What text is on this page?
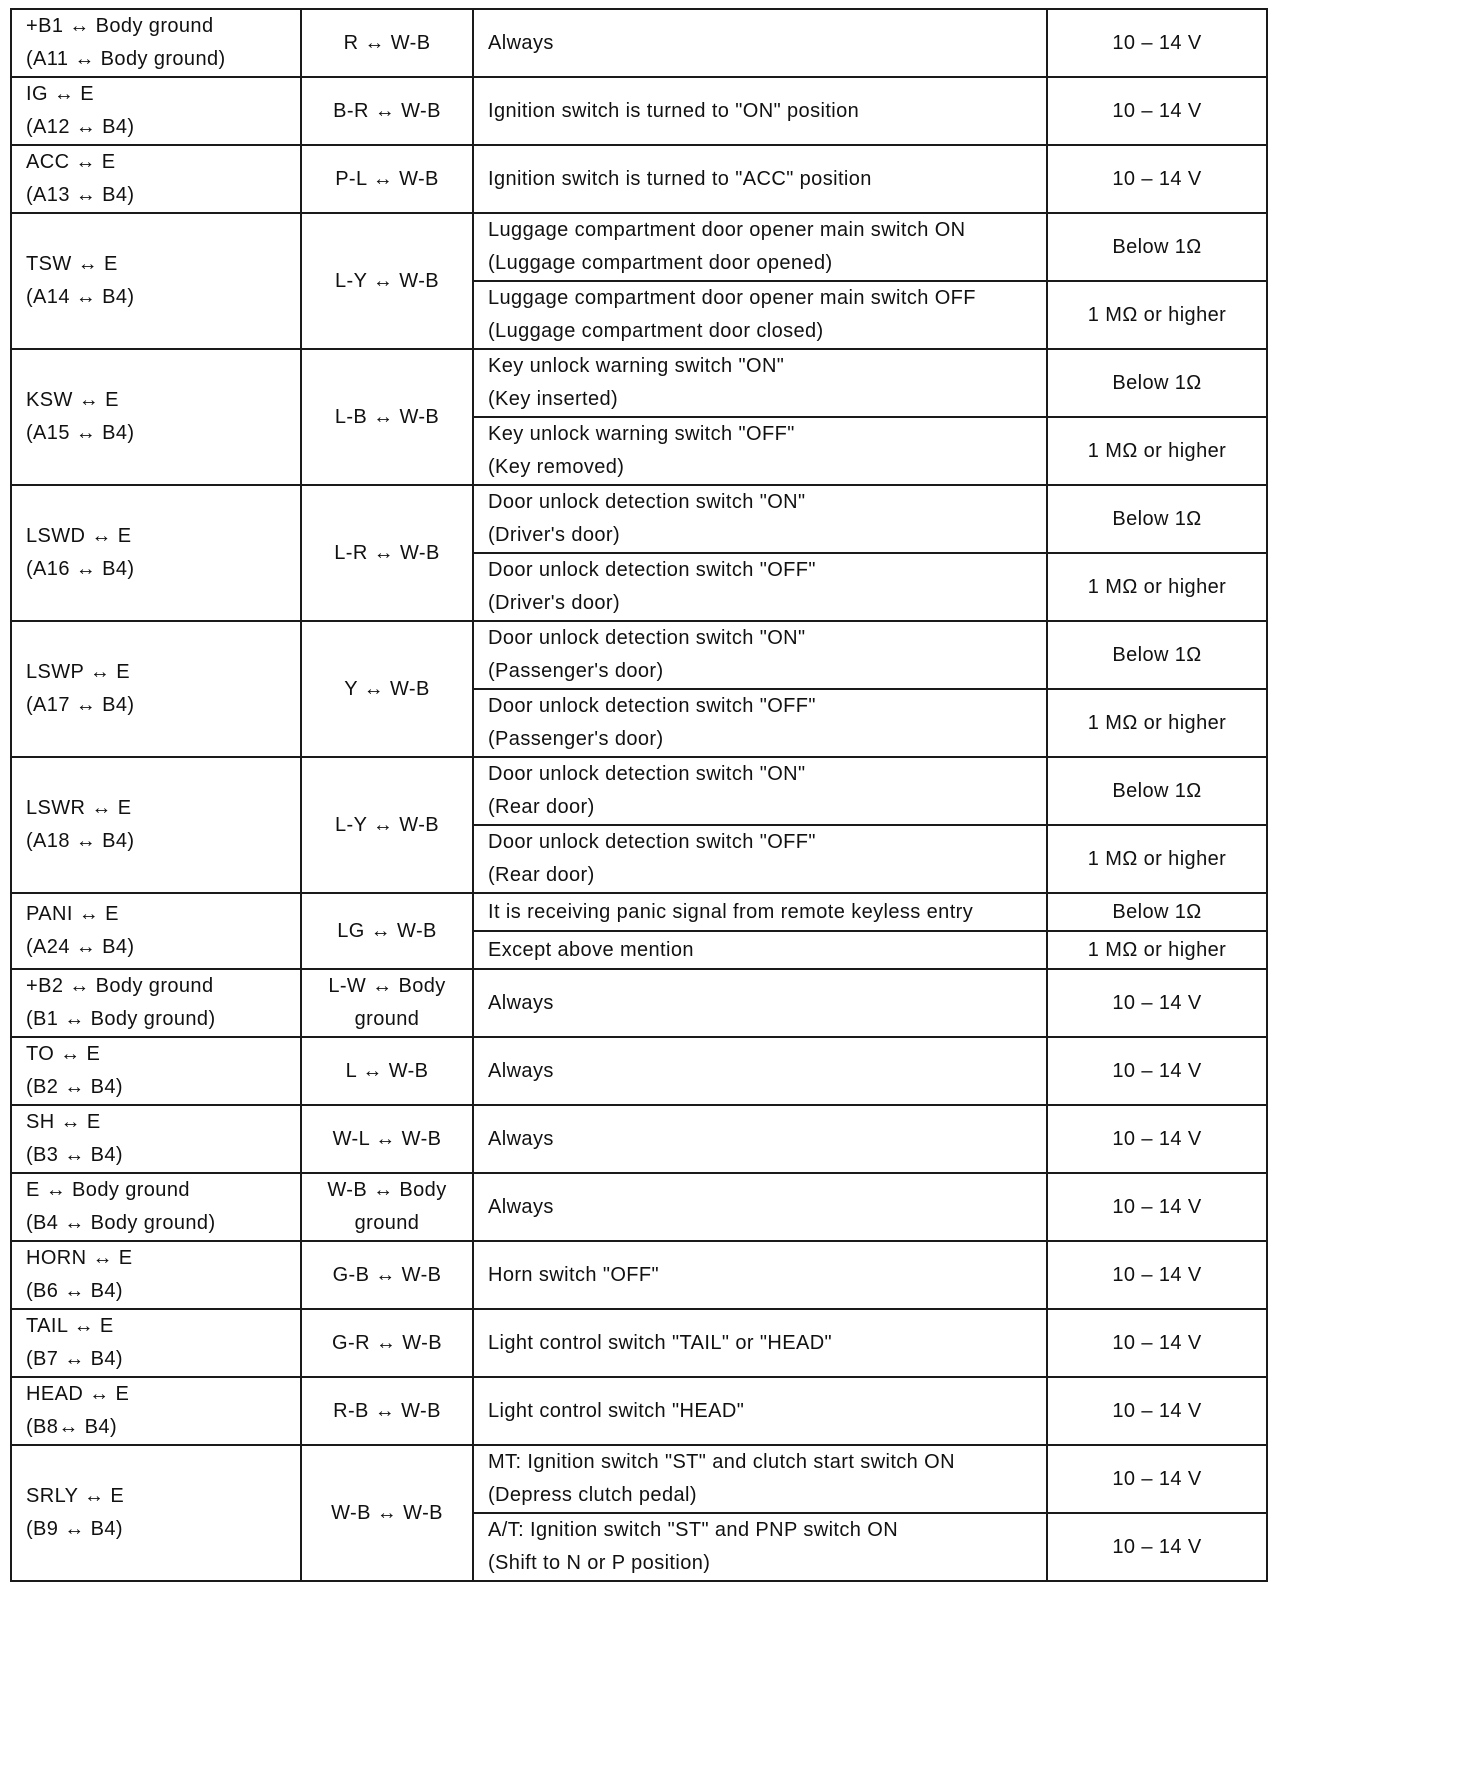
+B1 ↔ Body ground
(A11 ↔ Body ground)	R ↔ W-B	Always	10 – 14 V

IG ↔ E
(A12 ↔ B4)	B-R ↔ W-B	Ignition switch is turned to "ON" position	10 – 14 V

ACC ↔ E
(A13 ↔ B4)	P-L ↔ W-B	Ignition switch is turned to "ACC" position	10 – 14 V

TSW ↔ E
(A14 ↔ B4)	L-Y ↔ W-B	Luggage compartment door opener main switch ON
(Luggage compartment door opened)	Below 1Ω

		Luggage compartment door opener main switch OFF
(Luggage compartment door closed)	1 MΩ or higher

KSW ↔ E
(A15 ↔ B4)	L-B ↔ W-B	Key unlock warning switch "ON"
(Key inserted)	Below 1Ω

		Key unlock warning switch "OFF"
(Key removed)	1 MΩ or higher

LSWD ↔ E
(A16 ↔ B4)	L-R ↔ W-B	Door unlock detection switch "ON"
(Driver's door)	Below 1Ω

		Door unlock detection switch "OFF"
(Driver's door)	1 MΩ or higher

LSWP ↔ E
(A17 ↔ B4)	Y ↔ W-B	Door unlock detection switch "ON"
(Passenger's door)	Below 1Ω

		Door unlock detection switch "OFF"
(Passenger's door)	1 MΩ or higher

LSWR ↔ E
(A18 ↔ B4)	L-Y ↔ W-B	Door unlock detection switch "ON"
(Rear door)	Below 1Ω

		Door unlock detection switch "OFF"
(Rear door)	1 MΩ or higher

PANI ↔ E
(A24 ↔ B4)	LG ↔ W-B	It is receiving panic signal from remote keyless entry	Below 1Ω

		Except above mention	1 MΩ or higher

+B2 ↔ Body ground
(B1 ↔ Body ground)	L-W ↔ Body
ground	Always	10 – 14 V

TO ↔ E
(B2 ↔ B4)	L ↔ W-B	Always	10 – 14 V

SH ↔ E
(B3 ↔ B4)	W-L ↔ W-B	Always	10 – 14 V

E ↔ Body ground
(B4 ↔ Body ground)	W-B ↔ Body
ground	Always	10 – 14 V

HORN ↔ E
(B6 ↔ B4)	G-B ↔ W-B	Horn switch "OFF"	10 – 14 V

TAIL ↔ E
(B7 ↔ B4)	G-R ↔ W-B	Light control switch "TAIL" or "HEAD"	10 – 14 V

HEAD ↔ E
(B8↔ B4)	R-B ↔ W-B	Light control switch "HEAD"	10 – 14 V

SRLY ↔ E
(B9 ↔ B4)	W-B ↔ W-B	MT: Ignition switch "ST" and clutch start switch ON
(Depress clutch pedal)	10 – 14 V

		A/T: Ignition switch "ST" and PNP switch ON
(Shift to N or P position)	10 – 14 V
